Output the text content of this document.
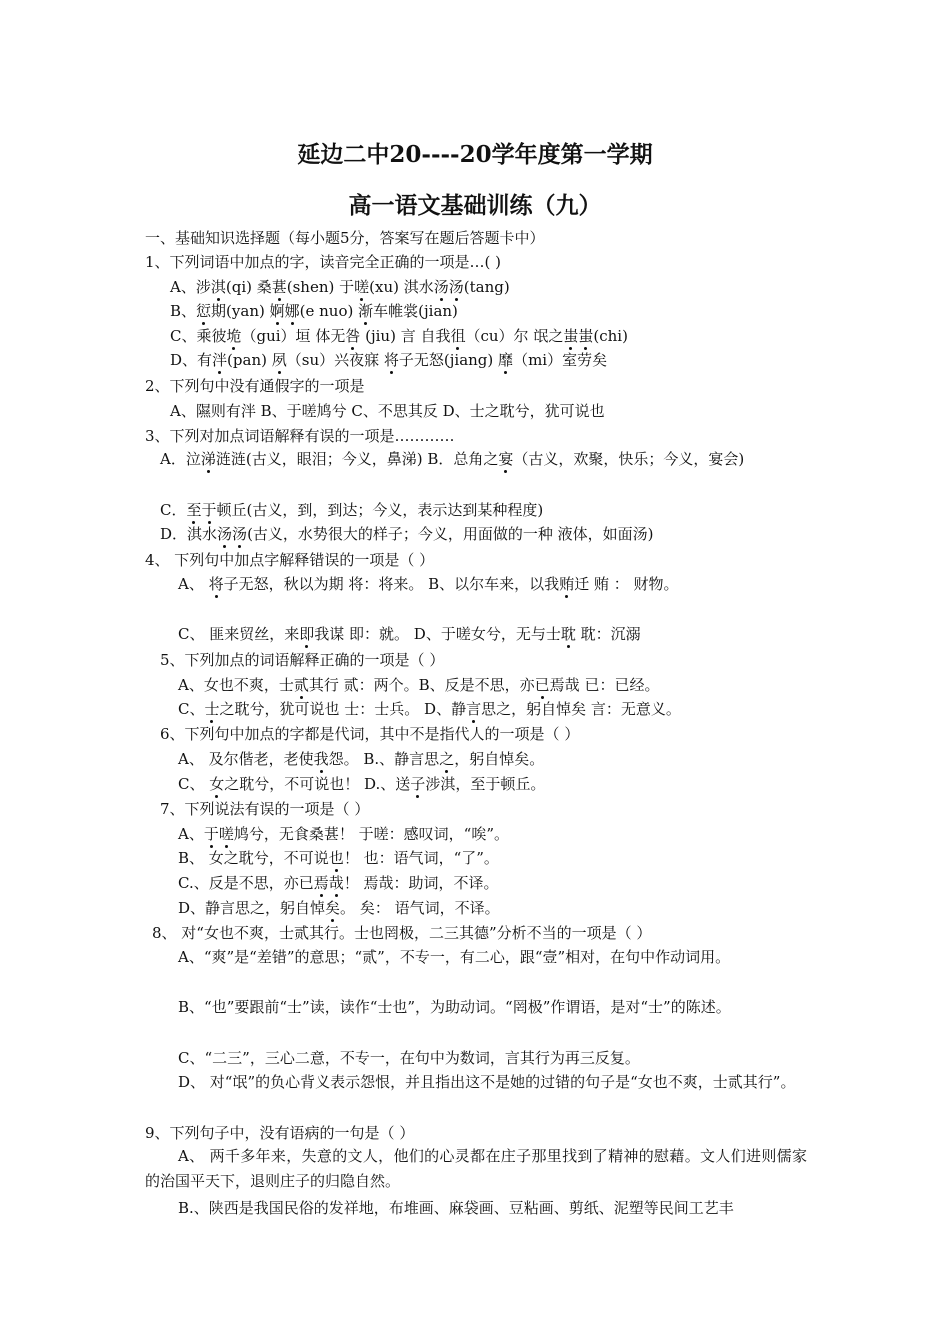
延边二中20----20学年度第一学期
高一语文基础训练（九）
一、基础知识选择题（每小题5分，答案写在题后答题卡中）
1、下列词语中加点的字，读音完全正确的一项是…( )
A、涉淇(qi) 桑葚(shen) 于嗟(xu) 淇水汤汤(tang)
B、愆期(yan) 婀娜(e nuo) 渐车帷裳(jian)
C、乘彼垝（gui）垣 体无咎 (jiu) 言 自我徂（cu）尔 氓之蚩蚩(chi)
D、有泮(pan) 夙（su）兴夜寐 将子无怒(jiang) 靡（mi）室劳矣
2、下列句中没有通假字的一项是
A、隰则有泮 B、于嗟鸠兮 C、不思其反 D、士之耽兮，犹可说也
3、下列对加点词语解释有误的一项是…………
A．泣涕涟涟(古义，眼泪；今义，鼻涕) B．总角之宴（古义，欢聚，快乐；今义，宴会)
C．至于顿丘(古义，到，到达；今义，表示达到某种程度)
D．淇水汤汤(古义，水势很大的样子；今义，用面做的一种 液体，如面汤)
4、 下列句中加点字解释错误的一项是（ ）
A、 将子无怒，秋以为期 将：将来。 B、以尔车来，以我贿迁 贿 ： 财物。
C、 匪来贸丝，来即我谋 即：就。 D、于嗟女兮，无与士耽 耽：沉溺
5、下列加点的词语解释正确的一项是（ ）
A、女也不爽，士贰其行 贰：两个。B、反是不思，亦已焉哉 已：已经。
C、士之耽兮，犹可说也 士：士兵。 D、静言思之，躬自悼矣 言：无意义。
6、下列句中加点的字都是代词，其中不是指代人的一项是（ ）
A、 及尔偕老，老使我怨。 B.、静言思之，躬自悼矣。
C、 女之耽兮，不可说也！ D.、送子涉淇，至于顿丘。
7、下列说法有误的一项是（ ）
A、于嗟鸠兮，无食桑葚！ 于嗟：感叹词，“唉”。
B、 女之耽兮，不可说也！ 也：语气词，“了”。
C.、反是不思，亦已焉哉！ 焉哉：助词，不译。
D、静言思之，躬自悼矣。 矣： 语气词，不译。
8、 对“女也不爽，士贰其行。士也罔极，二三其德”分析不当的一项是（ ）
A、“爽”是“差错”的意思；“贰”，不专一，有二心，跟“壹”相对，在句中作动词用。
B、“也”要跟前“士”读，读作“士也”，为助动词。“罔极”作谓语，是对“士”的陈述。
C、“二三”，三心二意，不专一，在句中为数词，言其行为再三反复。
D、 对“氓”的负心背义表示怨恨，并且指出这不是她的过错的句子是“女也不爽，士贰其行”。
9、下列句子中，没有语病的一句是（ ）
A、 两千多年来，失意的文人，他们的心灵都在庄子那里找到了精神的慰藉。文人们进则儒家的治国平天下，退则庄子的归隐自然。
B.、陕西是我国民俗的发祥地，布堆画、麻袋画、豆粘画、剪纸、泥塑等民间工艺丰
